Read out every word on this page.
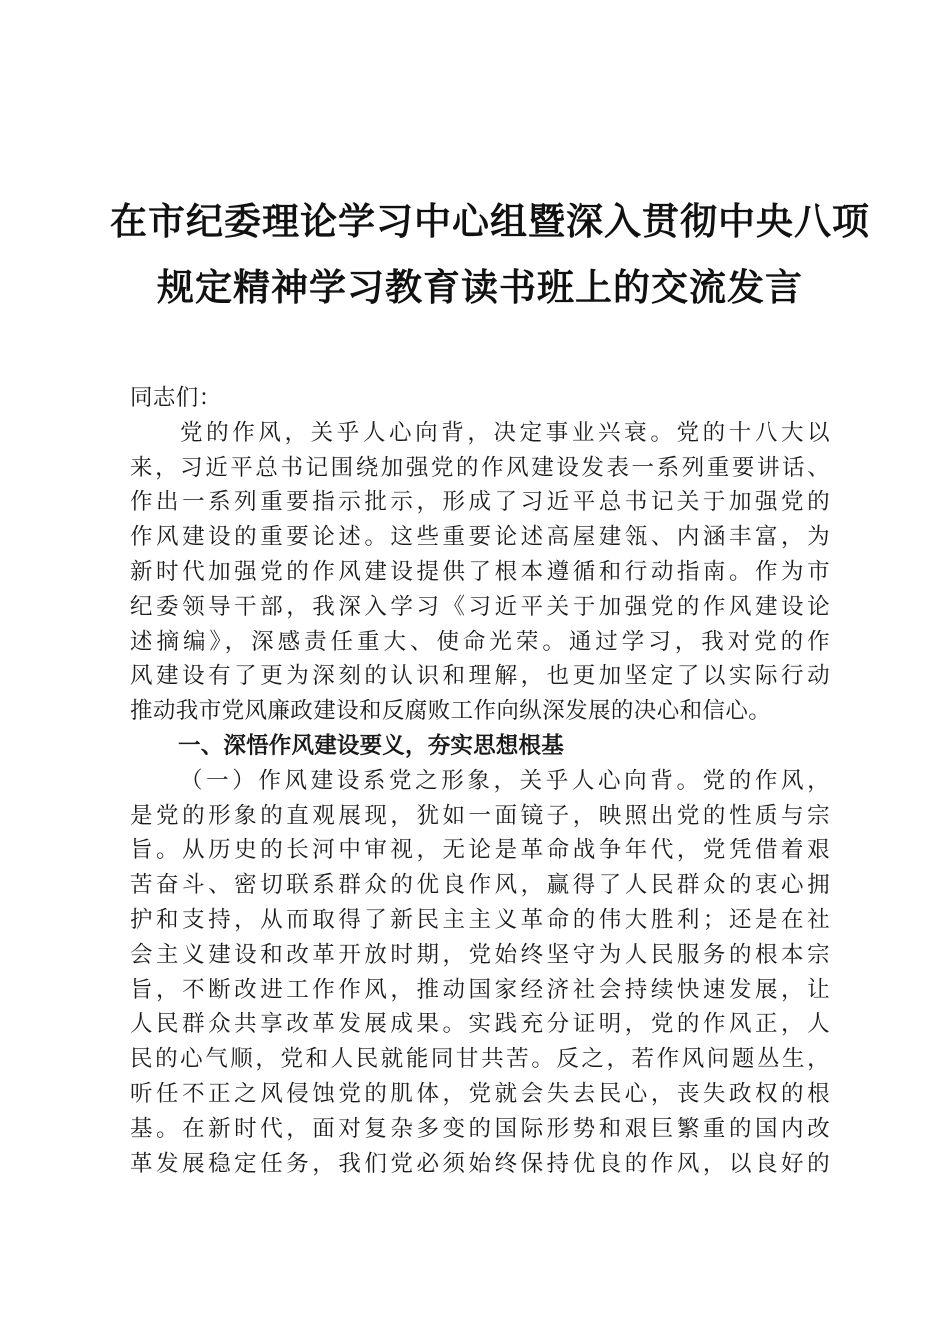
在市纪委理论学习中心组暨深入贯彻中央八项
规定精神学习教育读书班上的交流发言
同志们：
党的作风，关乎人心向背，决定事业兴衰。党的十八大以
来，习近平总书记围绕加强党的作风建设发表一系列重要讲话、
作出一系列重要指示批示，形成了习近平总书记关于加强党的
作风建设的重要论述。这些重要论述高屋建瓴、内涵丰富，为
新时代加强党的作风建设提供了根本遵循和行动指南。作为市
纪委领导干部，我深入学习《习近平关于加强党的作风建设论
述摘编》，深感责任重大、使命光荣。通过学习，我对党的作
风建设有了更为深刻的认识和理解，也更加坚定了以实际行动
推动我市党风廉政建设和反腐败工作向纵深发展的决心和信心。
一、深悟作风建设要义，夯实思想根基
（一）作风建设系党之形象，关乎人心向背。党的作风，
是党的形象的直观展现，犹如一面镜子，映照出党的性质与宗
旨。从历史的长河中审视，无论是革命战争年代，党凭借着艰
苦奋斗、密切联系群众的优良作风，赢得了人民群众的衷心拥
护和支持，从而取得了新民主主义革命的伟大胜利；还是在社
会主义建设和改革开放时期，党始终坚守为人民服务的根本宗
旨，不断改进工作作风，推动国家经济社会持续快速发展，让
人民群众共享改革发展成果。实践充分证明，党的作风正，人
民的心气顺，党和人民就能同甘共苦。反之，若作风问题丛生，
听任不正之风侵蚀党的肌体，党就会失去民心，丧失政权的根
基。在新时代，面对复杂多变的国际形势和艰巨繁重的国内改
革发展稳定任务，我们党必须始终保持优良的作风，以良好的
